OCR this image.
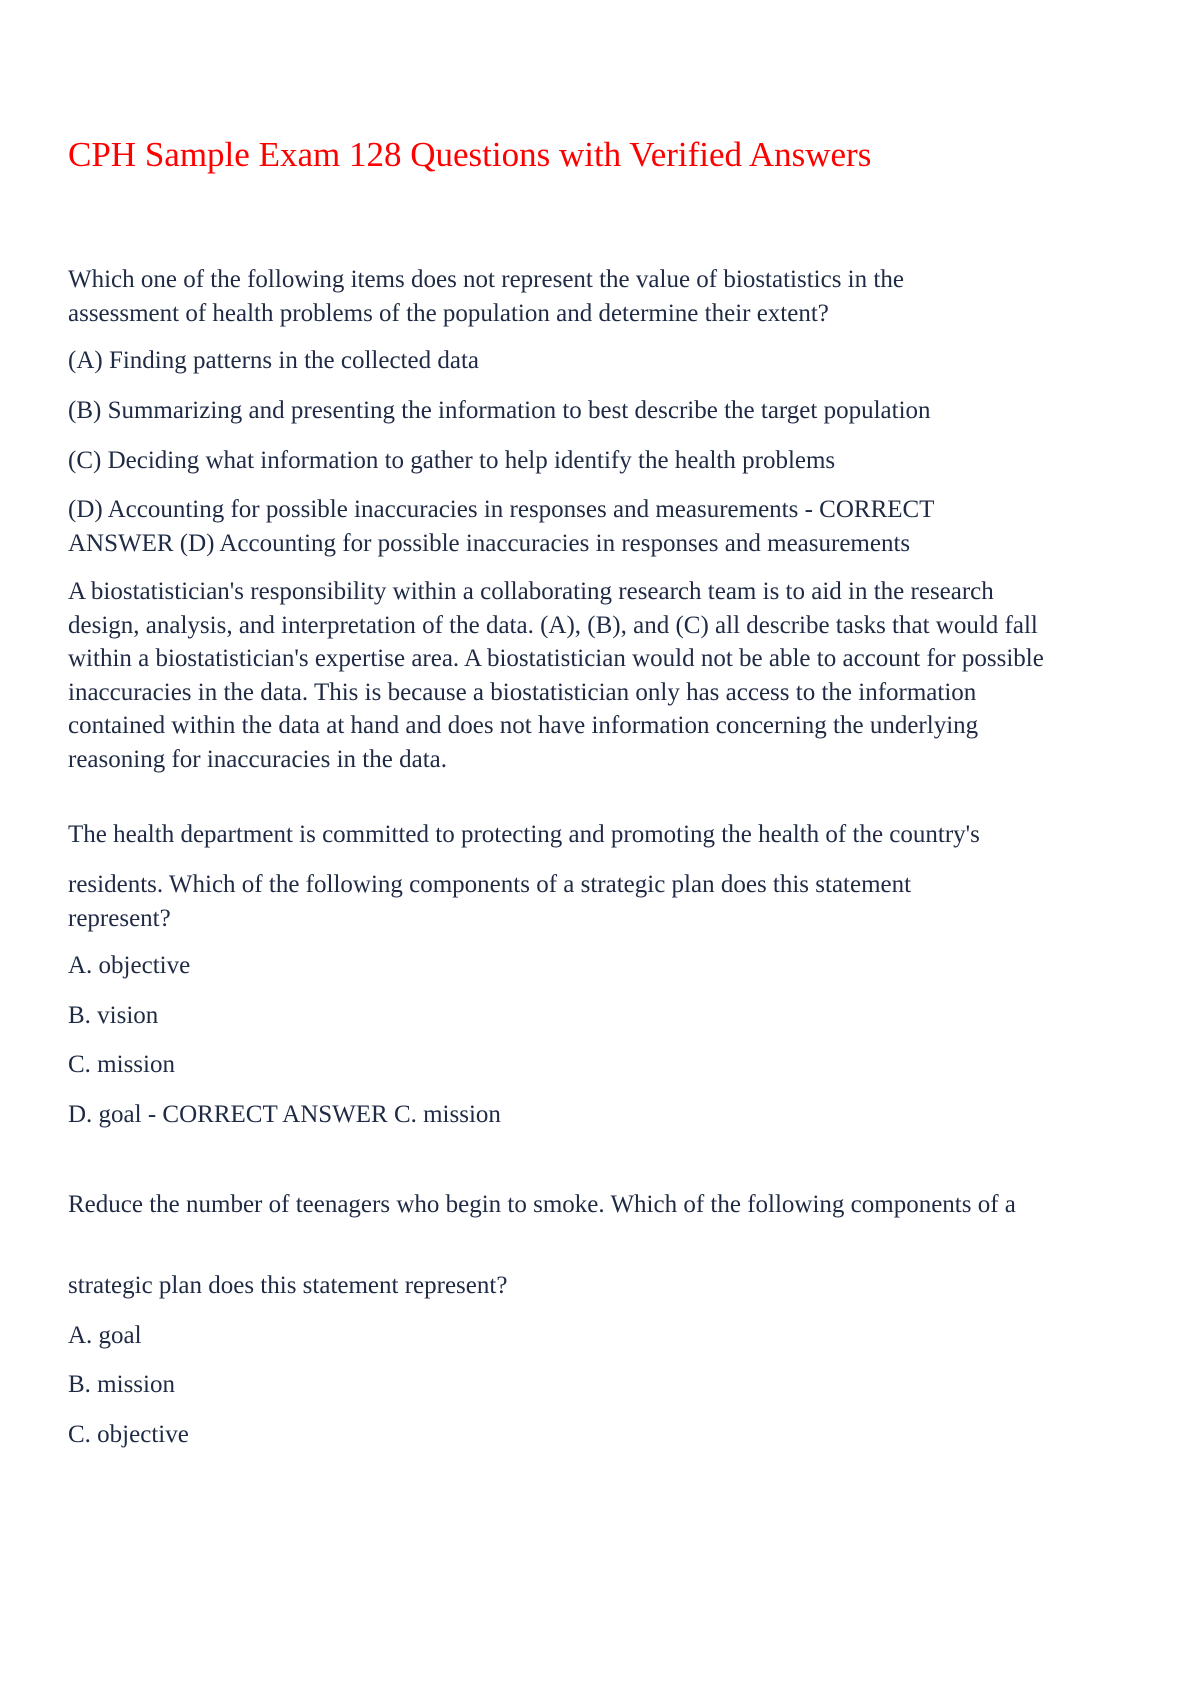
CPH Sample Exam 128 Questions with Verified Answers

Which one of the following items does not represent the value of biostatistics in the assessment of health problems of the population and determine their extent?

(A) Finding patterns in the collected data

(B) Summarizing and presenting the information to best describe the target population

(C) Deciding what information to gather to help identify the health problems

(D) Accounting for possible inaccuracies in responses and measurements - CORRECT ANSWER (D) Accounting for possible inaccuracies in responses and measurements

A biostatistician's responsibility within a collaborating research team is to aid in the research design, analysis, and interpretation of the data. (A), (B), and (C) all describe tasks that would fall within a biostatistician's expertise area. A biostatistician would not be able to account for possible inaccuracies in the data. This is because a biostatistician only has access to the information contained within the data at hand and does not have information concerning the underlying reasoning for inaccuracies in the data.

The health department is committed to protecting and promoting the health of the country's

residents. Which of the following components of a strategic plan does this statement represent?

A. objective

B. vision

C. mission

D. goal - CORRECT ANSWER C. mission

Reduce the number of teenagers who begin to smoke. Which of the following components of a

strategic plan does this statement represent?

A. goal

B. mission

C. objective
